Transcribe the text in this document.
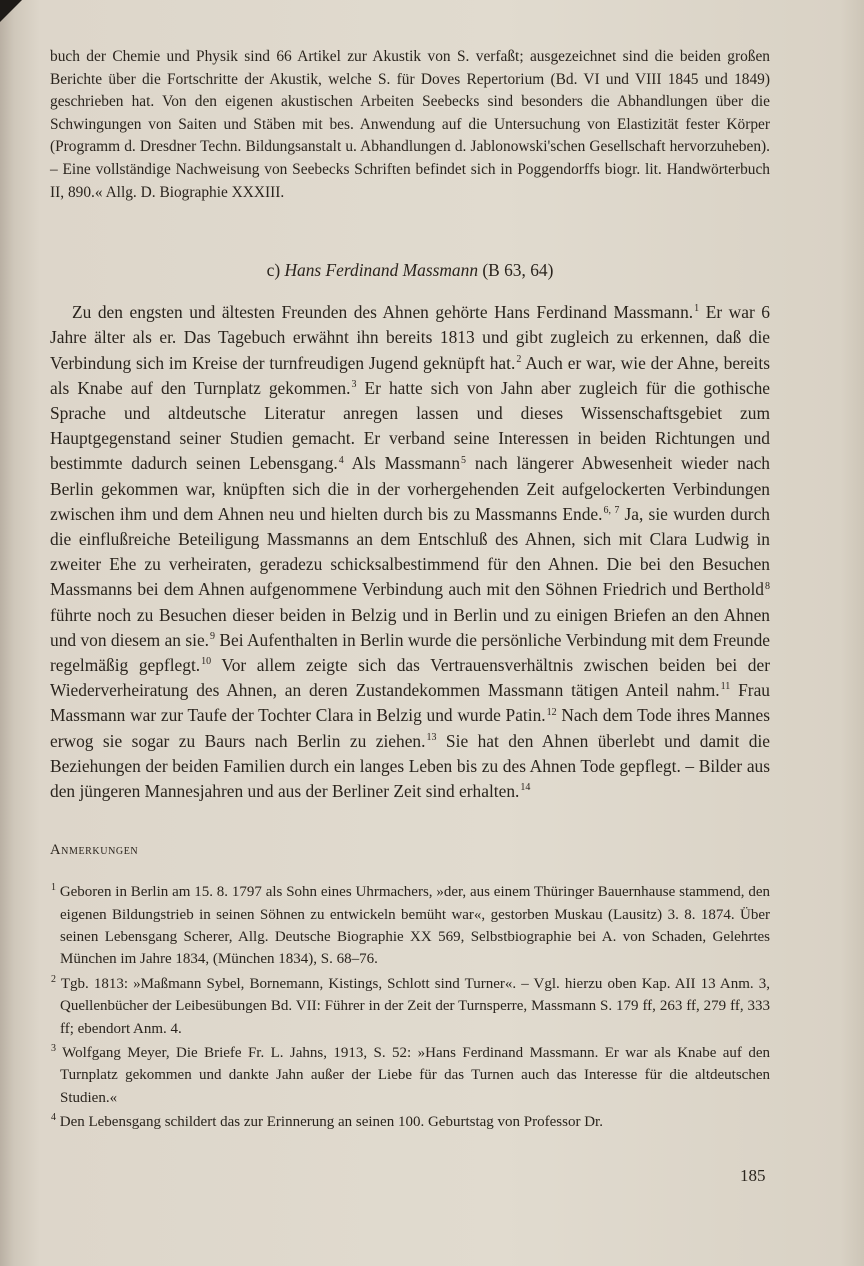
buch der Chemie und Physik sind 66 Artikel zur Akustik von S. verfaßt; ausgezeichnet sind die beiden großen Berichte über die Fortschritte der Akustik, welche S. für Doves Repertorium (Bd. VI und VIII 1845 und 1849) geschrieben hat. Von den eigenen akustischen Arbeiten Seebecks sind besonders die Abhandlungen über die Schwingungen von Saiten und Stäben mit bes. Anwendung auf die Untersuchung von Elastizität fester Körper (Programm d. Dresdner Techn. Bildungsanstalt u. Abhandlungen d. Jablonowski'schen Gesellschaft hervorzuheben). – Eine vollständige Nachweisung von Seebecks Schriften befindet sich in Poggendorffs biogr. lit. Handwörterbuch II, 890.« Allg. D. Biographie XXXIII.

c) Hans Ferdinand Massmann (B 63, 64)

Zu den engsten und ältesten Freunden des Ahnen gehörte Hans Ferdinand Massmann.$^1$ Er war 6 Jahre älter als er. Das Tagebuch erwähnt ihn bereits 1813 und gibt zugleich zu erkennen, daß die Verbindung sich im Kreise der turnfreudigen Jugend geknüpft hat.$^2$ Auch er war, wie der Ahne, bereits als Knabe auf den Turnplatz gekommen.$^3$ Er hatte sich von Jahn aber zugleich für die gothische Sprache und altdeutsche Literatur anregen lassen und dieses Wissenschaftsgebiet zum Hauptgegenstand seiner Studien gemacht. Er verband seine Interessen in beiden Richtungen und bestimmte dadurch seinen Lebensgang.$^4$ Als Massmann$^5$ nach längerer Abwesenheit wieder nach Berlin gekommen war, knüpften sich die in der vorhergehenden Zeit aufgelockerten Verbindungen zwischen ihm und dem Ahnen neu und hielten durch bis zu Massmanns Ende.$^{6, 7}$ Ja, sie wurden durch die einflußreiche Beteiligung Massmanns an dem Entschluß des Ahnen, sich mit Clara Ludwig in zweiter Ehe zu verheiraten, geradezu schicksalbestimmend für den Ahnen. Die bei den Besuchen Massmanns bei dem Ahnen aufgenommene Verbindung auch mit den Söhnen Friedrich und Berthold$^8$ führte noch zu Besuchen dieser beiden in Belzig und in Berlin und zu einigen Briefen an den Ahnen und von diesem an sie.$^9$ Bei Aufenthalten in Berlin wurde die persönliche Verbindung mit dem Freunde regelmäßig gepflegt.$^{10}$ Vor allem zeigte sich das Vertrauensverhältnis zwischen beiden bei der Wiederverheiratung des Ahnen, an deren Zustandekommen Massmann tätigen Anteil nahm.$^{11}$ Frau Massmann war zur Taufe der Tochter Clara in Belzig und wurde Patin.$^{12}$ Nach dem Tode ihres Mannes erwog sie sogar zu Baurs nach Berlin zu ziehen.$^{13}$ Sie hat den Ahnen überlebt und damit die Beziehungen der beiden Familien durch ein langes Leben bis zu des Ahnen Tode gepflegt. – Bilder aus den jüngeren Mannesjahren und aus der Berliner Zeit sind erhalten.$^{14}$

Anmerkungen

$^1$ Geboren in Berlin am 15. 8. 1797 als Sohn eines Uhrmachers, »der, aus einem Thüringer Bauernhause stammend, den eigenen Bildungstrieb in seinen Söhnen zu entwickeln bemüht war«, gestorben Muskau (Lausitz) 3. 8. 1874. Über seinen Lebensgang Scherer, Allg. Deutsche Biographie XX 569, Selbstbiographie bei A. von Schaden, Gelehrtes München im Jahre 1834, (München 1834), S. 68–76.

$^2$ Tgb. 1813: »Maßmann Sybel, Bornemann, Kistings, Schlott sind Turner«. – Vgl. hierzu oben Kap. AII 13 Anm. 3, Quellenbücher der Leibesübungen Bd. VII: Führer in der Zeit der Turnsperre, Massmann S. 179 ff, 263 ff, 279 ff, 333 ff; ebendort Anm. 4.

$^3$ Wolfgang Meyer, Die Briefe Fr. L. Jahns, 1913, S. 52: »Hans Ferdinand Massmann. Er war als Knabe auf den Turnplatz gekommen und dankte Jahn außer der Liebe für das Turnen auch das Interesse für die altdeutschen Studien.«

$^4$ Den Lebensgang schildert das zur Erinnerung an seinen 100. Geburtstag von Professor Dr.

185
